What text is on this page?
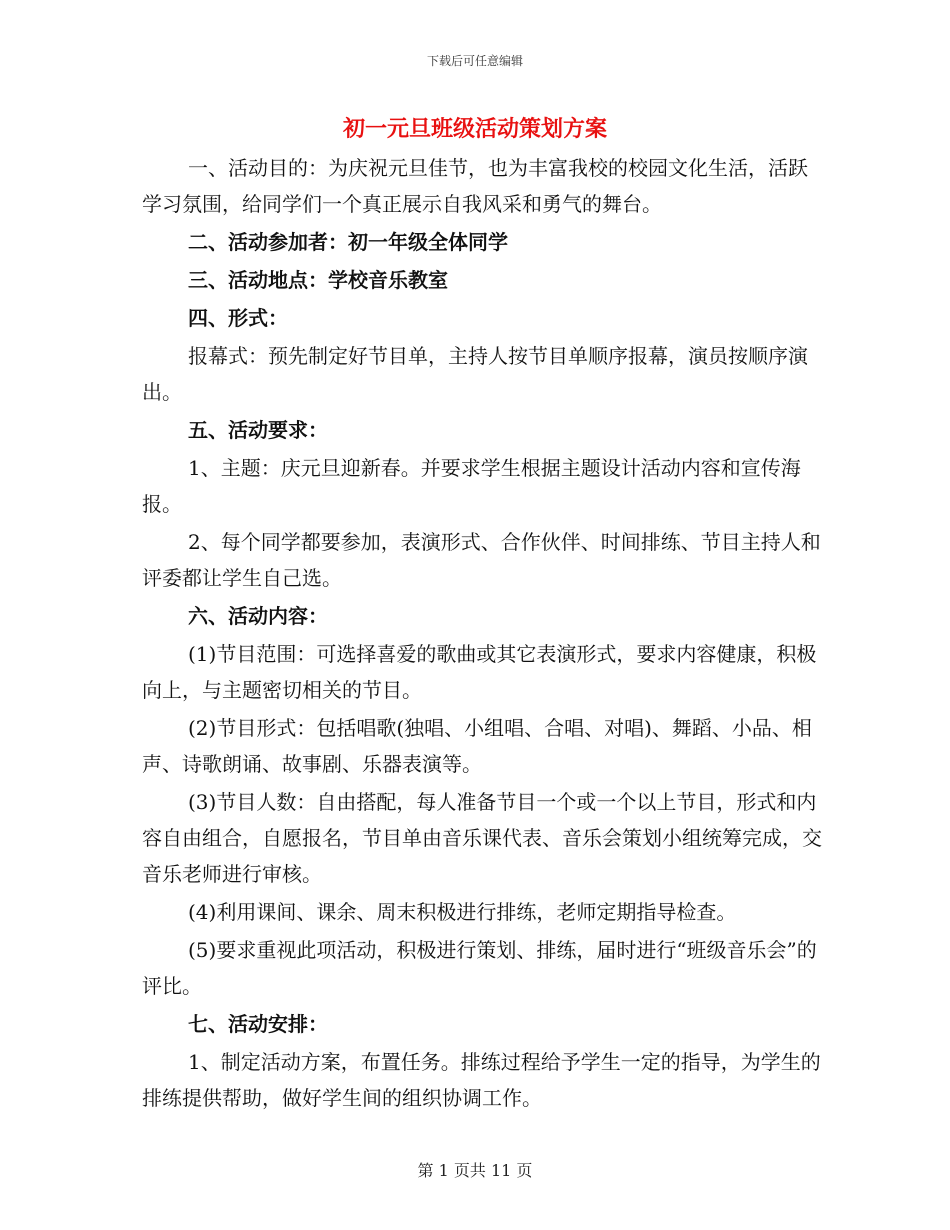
下载后可任意编辑
初一元旦班级活动策划方案

一、活动目的：为庆祝元旦佳节，也为丰富我校的校园文化生活，活跃学习氛围，给同学们一个真正展示自我风采和勇气的舞台。

二、活动参加者：初一年级全体同学

三、活动地点：学校音乐教室

四、形式：

报幕式：预先制定好节目单，主持人按节目单顺序报幕，演员按顺序演出。

五、活动要求：

1、主题：庆元旦迎新春。并要求学生根据主题设计活动内容和宣传海报。

2、每个同学都要参加，表演形式、合作伙伴、时间排练、节目主持人和评委都让学生自己选。

六、活动内容：

(1)节目范围：可选择喜爱的歌曲或其它表演形式，要求内容健康，积极向上，与主题密切相关的节目。

(2)节目形式：包括唱歌(独唱、小组唱、合唱、对唱)、舞蹈、小品、相声、诗歌朗诵、故事剧、乐器表演等。

(3)节目人数：自由搭配，每人准备节目一个或一个以上节目，形式和内容自由组合，自愿报名，节目单由音乐课代表、音乐会策划小组统筹完成，交音乐老师进行审核。

(4)利用课间、课余、周末积极进行排练，老师定期指导检查。

(5)要求重视此项活动，积极进行策划、排练，届时进行“班级音乐会”的评比。

七、活动安排：

1、制定活动方案，布置任务。排练过程给予学生一定的指导，为学生的排练提供帮助，做好学生间的组织协调工作。

第 1 页共 11 页
